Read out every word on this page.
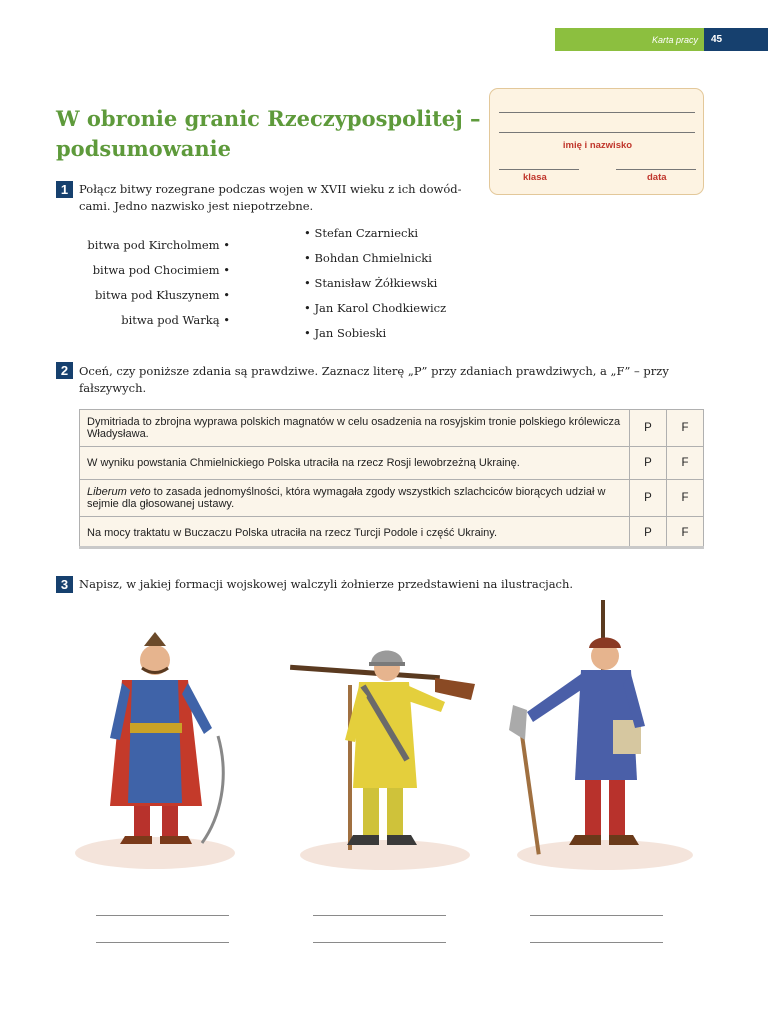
Karta pracy	45
W obronie granic Rzeczypospolitej – podsumowanie	imię i nazwisko
klasa	data
1 Połącz bitwy rozegrane podczas wojen w XVII wieku z ich dowód-
cami. Jedno nazwisko jest niepotrzebne.
bitwa pod Kircholmem •
bitwa pod Chocimiem •
bitwa pod Kłuszynem •
bitwa pod Warką •
• Stefan Czarniecki
• Bohdan Chmielnicki
• Stanisław Żółkiewski
• Jan Karol Chodkiewicz
• Jan Sobieski
2 Oceń, czy poniższe zdania są prawdziwe. Zaznacz literę „P” przy zdaniach prawdziwych, a „F” – przy
fałszywych.
Dymitriada to zbrojna wyprawa polskich magnatów w celu osadzenia na rosyjskim tronie polskiego królewicza Władysława.	P	F
W wyniku powstania Chmielnickiego Polska utraciła na rzecz Rosji lewobrzeżną Ukrainę.	P	F
Liberum veto to zasada jednomyślności, która wymagała zgody wszystkich szlachciców biorących udział w sejmie dla głosowanej ustawy.	P	F
Na mocy traktatu w Buczaczu Polska utraciła na rzecz Turcji Podole i część Ukrainy.	P	F
3 Napisz, w jakiej formacji wojskowej walczyli żołnierze przedstawieni na ilustracjach.
